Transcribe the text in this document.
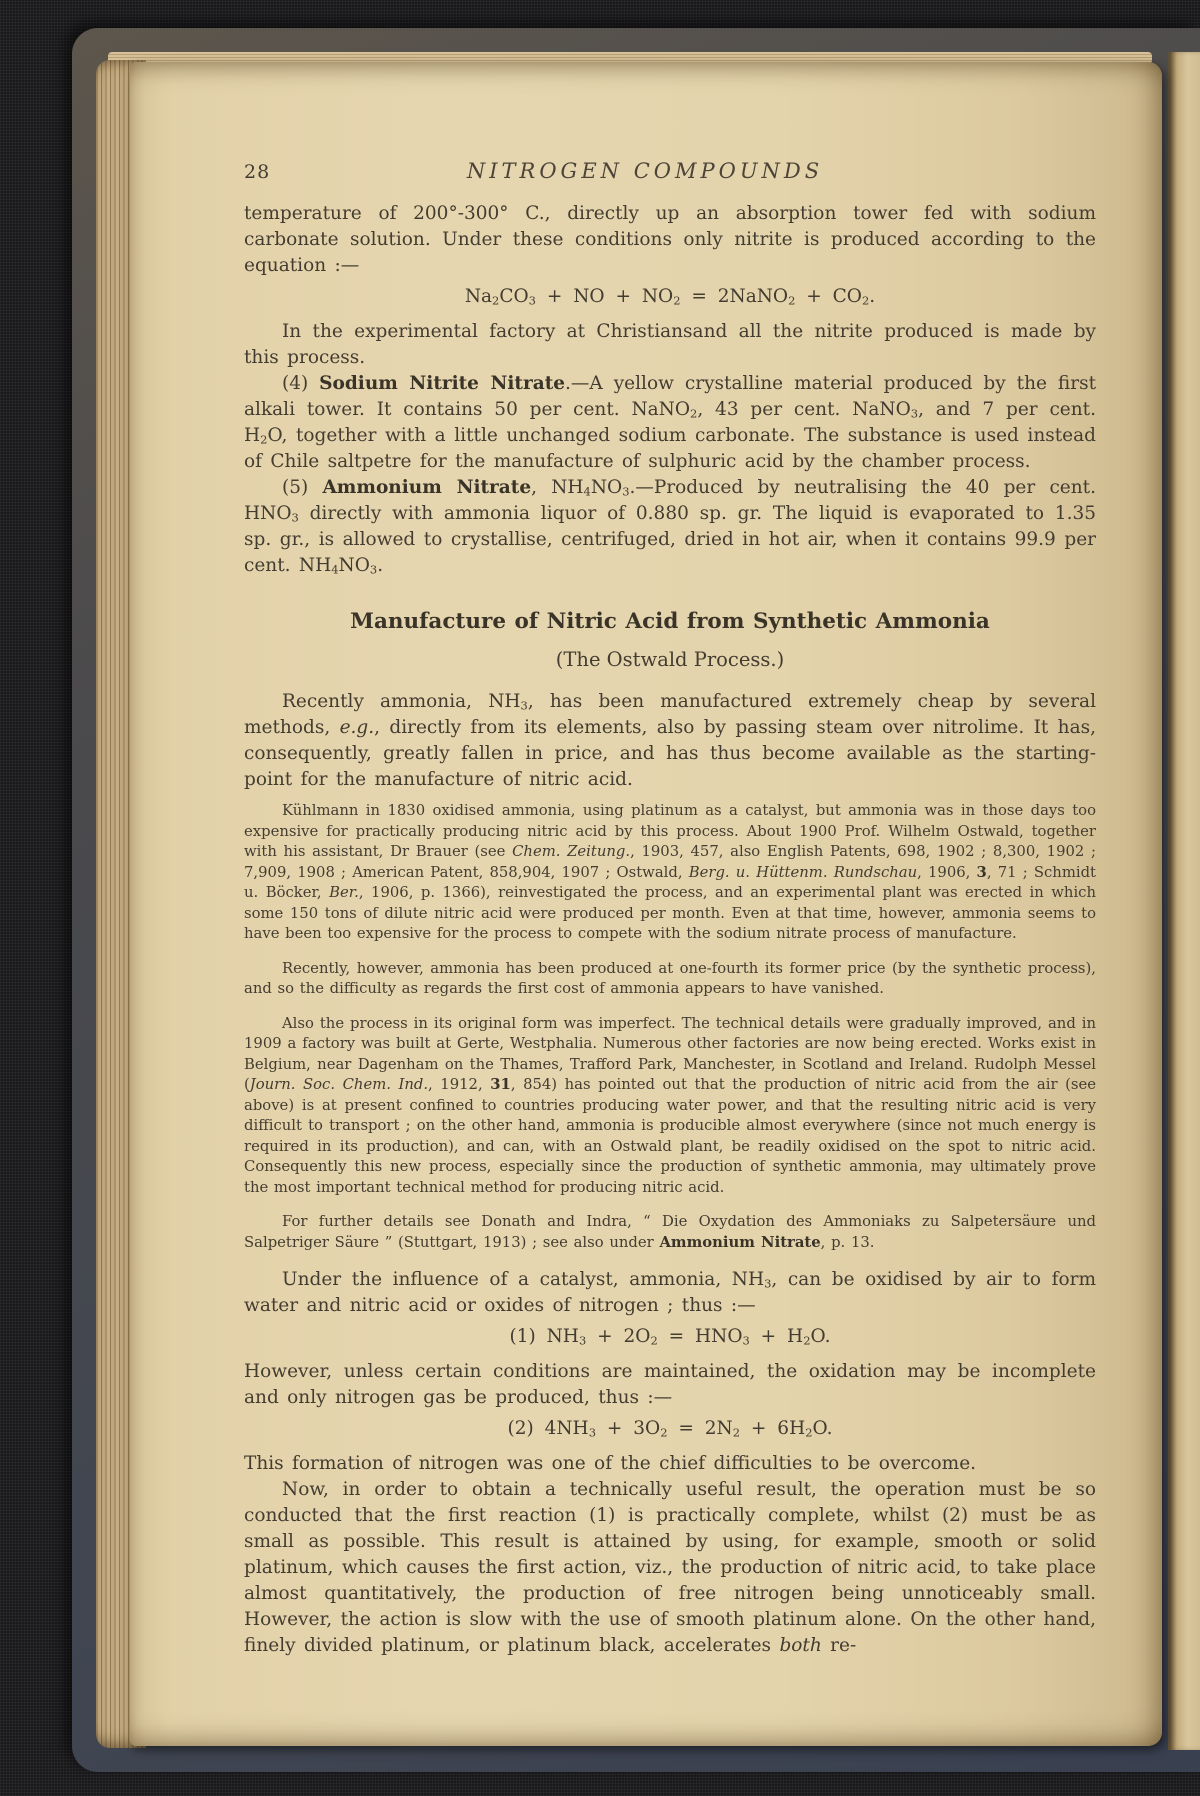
28	NITROGEN COMPOUNDS
temperature of 200°-300° C., directly up an absorption tower fed with sodium carbonate solution. Under these conditions only nitrite is produced according to the equation :—
$Na_2CO_3$ + NO + $NO_2$ = 2NaNO$_2$ + $CO_2$.
In the experimental factory at Christiansand all the nitrite produced is made by this process.
(4) Sodium Nitrite Nitrate.—A yellow crystalline material produced by the first alkali tower. It contains 50 per cent. NaNO$_2$, 43 per cent. NaNO$_3$, and 7 per cent. $H_2O$, together with a little unchanged sodium carbonate. The substance is used instead of Chile saltpetre for the manufacture of sulphuric acid by the chamber process.
(5) Ammonium Nitrate, $NH_4NO_3.—Produced$ by neutralising the 40 per cent. $HNO_3$ directly with ammonia liquor of 0.880 sp. gr. The liquid is evaporated to 1.35 sp. gr., is allowed to crystallise, centrifuged, dried in hot air, when it contains 99.9 per cent. $NH_4NO_3$.
Manufacture of Nitric Acid from Synthetic Ammonia
(The Ostwald Process.)
Recently ammonia, $NH_3$, has been manufactured extremely cheap by several methods, e.g., directly from its elements, also by passing steam over nitrolime. It has, consequently, greatly fallen in price, and has thus become available as the starting-point for the manufacture of nitric acid.
Kühlmann in 1830 oxidised ammonia, using platinum as a catalyst, but ammonia was in those days too expensive for practically producing nitric acid by this process. About 1900 Prof. Wilhelm Ostwald, together with his assistant, Dr Brauer (see Chem. Zeitung., 1903, 457, also English Patents, 698, 1902 ; 8,300, 1902 ; 7,909, 1908 ; American Patent, 858,904, 1907 ; Ostwald, Berg. u. Hüttenm. Rundschau, 1906, 3, 71 ; Schmidt u. Böcker, Ber., 1906, p. 1366), reinvestigated the process, and an experimental plant was erected in which some 150 tons of dilute nitric acid were produced per month. Even at that time, however, ammonia seems to have been too expensive for the process to compete with the sodium nitrate process of manufacture.
Recently, however, ammonia has been produced at one-fourth its former price (by the synthetic process), and so the difficulty as regards the first cost of ammonia appears to have vanished.
Also the process in its original form was imperfect. The technical details were gradually improved, and in 1909 a factory was built at Gerte, Westphalia. Numerous other factories are now being erected. Works exist in Belgium, near Dagenham on the Thames, Trafford Park, Manchester, in Scotland and Ireland. Rudolph Messel (Journ. Soc. Chem. Ind., 1912, 31, 854) has pointed out that the production of nitric acid from the air (see above) is at present confined to countries producing water power, and that the resulting nitric acid is very difficult to transport ; on the other hand, ammonia is producible almost everywhere (since not much energy is required in its production), and can, with an Ostwald plant, be readily oxidised on the spot to nitric acid. Consequently this new process, especially since the production of synthetic ammonia, may ultimately prove the most important technical method for producing nitric acid.
For further details see Donath and Indra, “ Die Oxydation des Ammoniaks zu Salpetersäure und Salpetriger Säure ” (Stuttgart, 1913) ; see also under Ammonium Nitrate, p. 13.
Under the influence of a catalyst, ammonia, $NH_3$, can be oxidised by air to form water and nitric acid or oxides of nitrogen ; thus :—
(1) $NH_3 + 2O_2 = HNO_3 + H_2O$.
However, unless certain conditions are maintained, the oxidation may be incomplete and only nitrogen gas be produced, thus :—
(2) $4NH_3 + 3O_2 = 2N_2 + 6H_2O$.
This formation of nitrogen was one of the chief difficulties to be overcome.
Now, in order to obtain a technically useful result, the operation must be so conducted that the first reaction (1) is practically complete, whilst (2) must be as small as possible. This result is attained by using, for example, smooth or solid platinum, which causes the first action, viz., the production of nitric acid, to take place almost quantitatively, the production of free nitrogen being unnoticeably small. However, the action is slow with the use of smooth platinum alone. On the other hand, finely divided platinum, or platinum black, accelerates both re-
